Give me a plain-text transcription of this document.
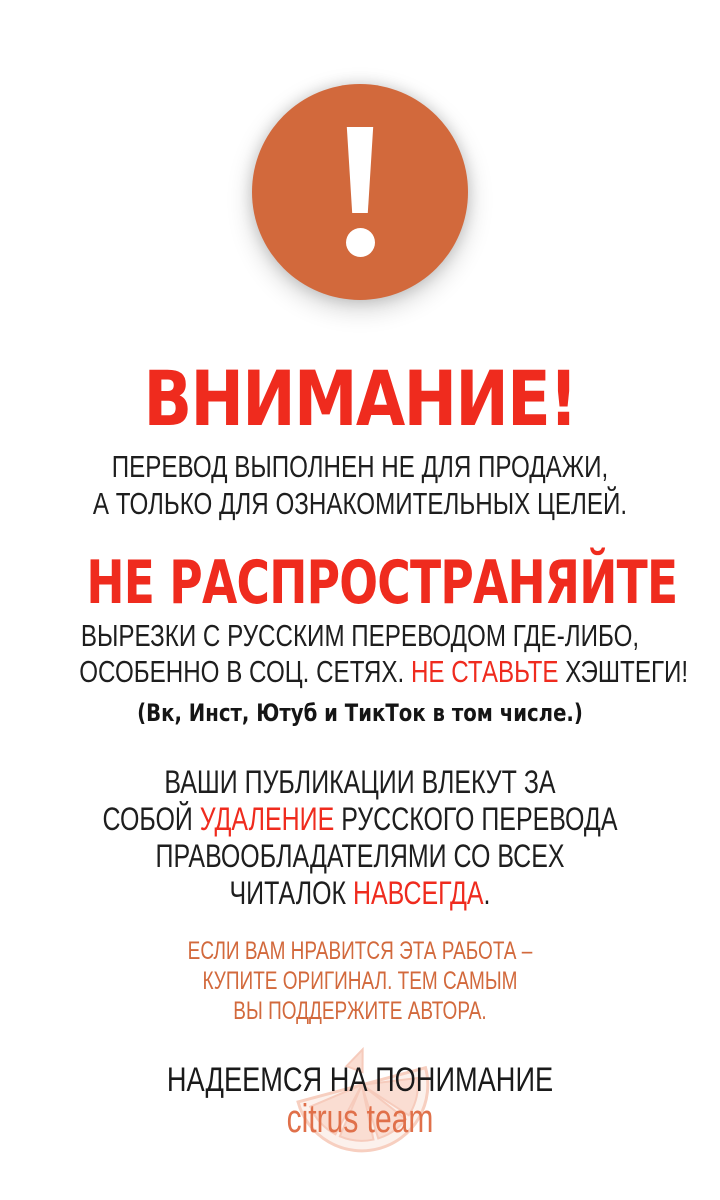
ВНИМАНИЕ!
ПЕРЕВОД ВЫПОЛНЕН НЕ ДЛЯ ПРОДАЖИ,
А ТОЛЬКО ДЛЯ ОЗНАКОМИТЕЛЬНЫХ ЦЕЛЕЙ.
НЕ РАСПРОСТРАНЯЙТЕ
ВЫРЕЗКИ С РУССКИМ ПЕРЕВОДОМ ГДЕ-ЛИБО,
ОСОБЕННО В СОЦ. СЕТЯХ. НЕ СТАВЬТЕ ХЭШТЕГИ!
(Вк, Инст, Ютуб и ТикТок в том числе.)
ВАШИ ПУБЛИКАЦИИ ВЛЕКУТ ЗА
СОБОЙ УДАЛЕНИЕ РУССКОГО ПЕРЕВОДА
ПРАВООБЛАДАТЕЛЯМИ СО ВСЕХ
ЧИТАЛОК НАВСЕГДА.
ЕСЛИ ВАМ НРАВИТСЯ ЭТА РАБОТА –
КУПИТЕ ОРИГИНАЛ. ТЕМ САМЫМ
ВЫ ПОДДЕРЖИТЕ АВТОРА.
НАДЕЕМСЯ НА ПОНИМАНИЕ
citrus team
